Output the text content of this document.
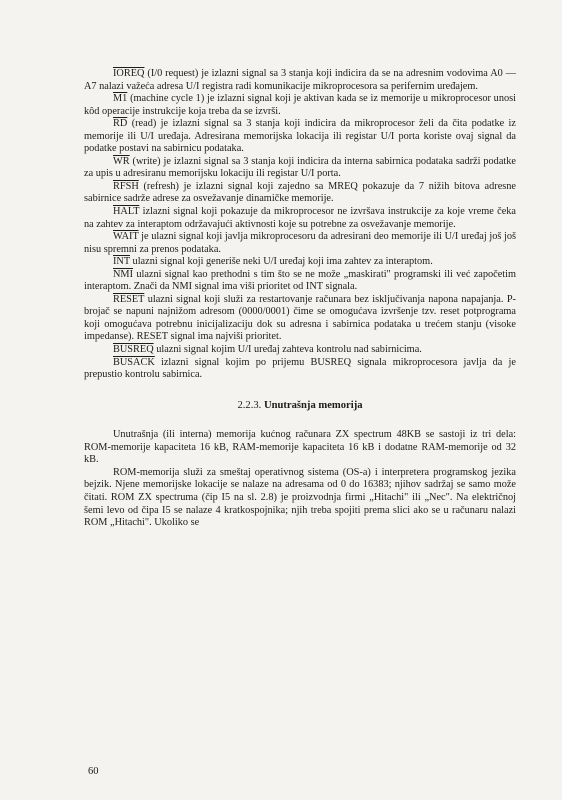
IOREQ (I/0 request) je izlazni signal sa 3 stanja koji indicira da se na adresnim vodovima A0 — A7 nalazi važeća adresa U/I registra radi komunikacije mikroprocesora sa perifernim uređajem.

M1 (machine cycle 1) je izlazni signal koji je aktivan kada se iz memorije u mikroprocesor unosi kôd operacije instrukcije koja treba da se izvrši.

$\overline{RD}$ (read) je izlazni signal sa 3 stanja koji indicira da mikroprocesor želi da čita podatke iz memorije ili U/I uređaja. Adresirana memorijska lokacija ili registar U/I porta koriste ovaj signal da podatke postavi na sabirnicu podataka.

$\overline{WR}$ (write) je izlazni signal sa 3 stanja koji indicira da interna sabirnica podataka sadrži podatke za upis u adresiranu memorijsku lokaciju ili registar U/I porta.

RFSH (refresh) je izlazni signal koji zajedno sa MREQ pokazuje da 7 nižih bitova adresne sabirnice sadrže adrese za osvežavanje dinamičke memorije.

HALT izlazni signal koji pokazuje da mikroprocesor ne izvršava instrukcije za koje vreme čeka na zahtev za interaptom održavajući aktivnosti koje su potrebne za osvežavanje memorije.

WAIT je ulazni signal koji javlja mikroprocesoru da adresirani deo memorije ili U/I uređaj još još nisu spremni za prenos podataka.

$\overline{INT}$ ulazni signal koji generiše neki U/I uređaj koji ima zahtev za interaptom.

$\overline{NMI}$ ulazni signal kao prethodni s tim što se ne može „maskirati" programski ili već započetim interaptom. Znači da NMI signal ima viši prioritet od INT signala.

RESET ulazni signal koji služi za restartovanje računara bez isključivanja napona napajanja. P-brojač se napuni najnižom adresom (0000/0001) čime se omogućava izvršenje tzv. reset potprograma koji omogućava potrebnu inicijalizaciju dok su adresna i sabirnica podataka u trećem stanju (visoke impedanse). RESET signal ima najviši prioritet.

BUSREQ ulazni signal kojim U/I uređaj zahteva kontrolu nad sabirnicima.

BUSACK izlazni signal kojim po prijemu BUSREQ signala mikroprocesora javlja da je prepustio kontrolu sabirnica.

2.2.3. Unutrašnja memorija

Unutrašnja (ili interna) memorija kućnog računara ZX spectrum 48KB se sastoji iz tri dela: ROM-memorije kapaciteta 16 kB, RAM-memorije kapaciteta 16 kB i dodatne RAM-memorije od 32 kB.

ROM-memorija služi za smeštaj operativnog sistema (OS-a) i interpretera programskog jezika bejzik. Njene memorijske lokacije se nalaze na adresama od 0 do 16383; njihov sadržaj se samo može čitati. ROM ZX spectruma (čip I5 na sl. 2.8) je proizvodnja firmi „Hitachi" ili „Nec". Na električnoj šemi levo od čipa I5 se nalaze 4 kratkospojnika; njih treba spojiti prema slici ako se u računaru nalazi ROM „Hitachi". Ukoliko se

60
